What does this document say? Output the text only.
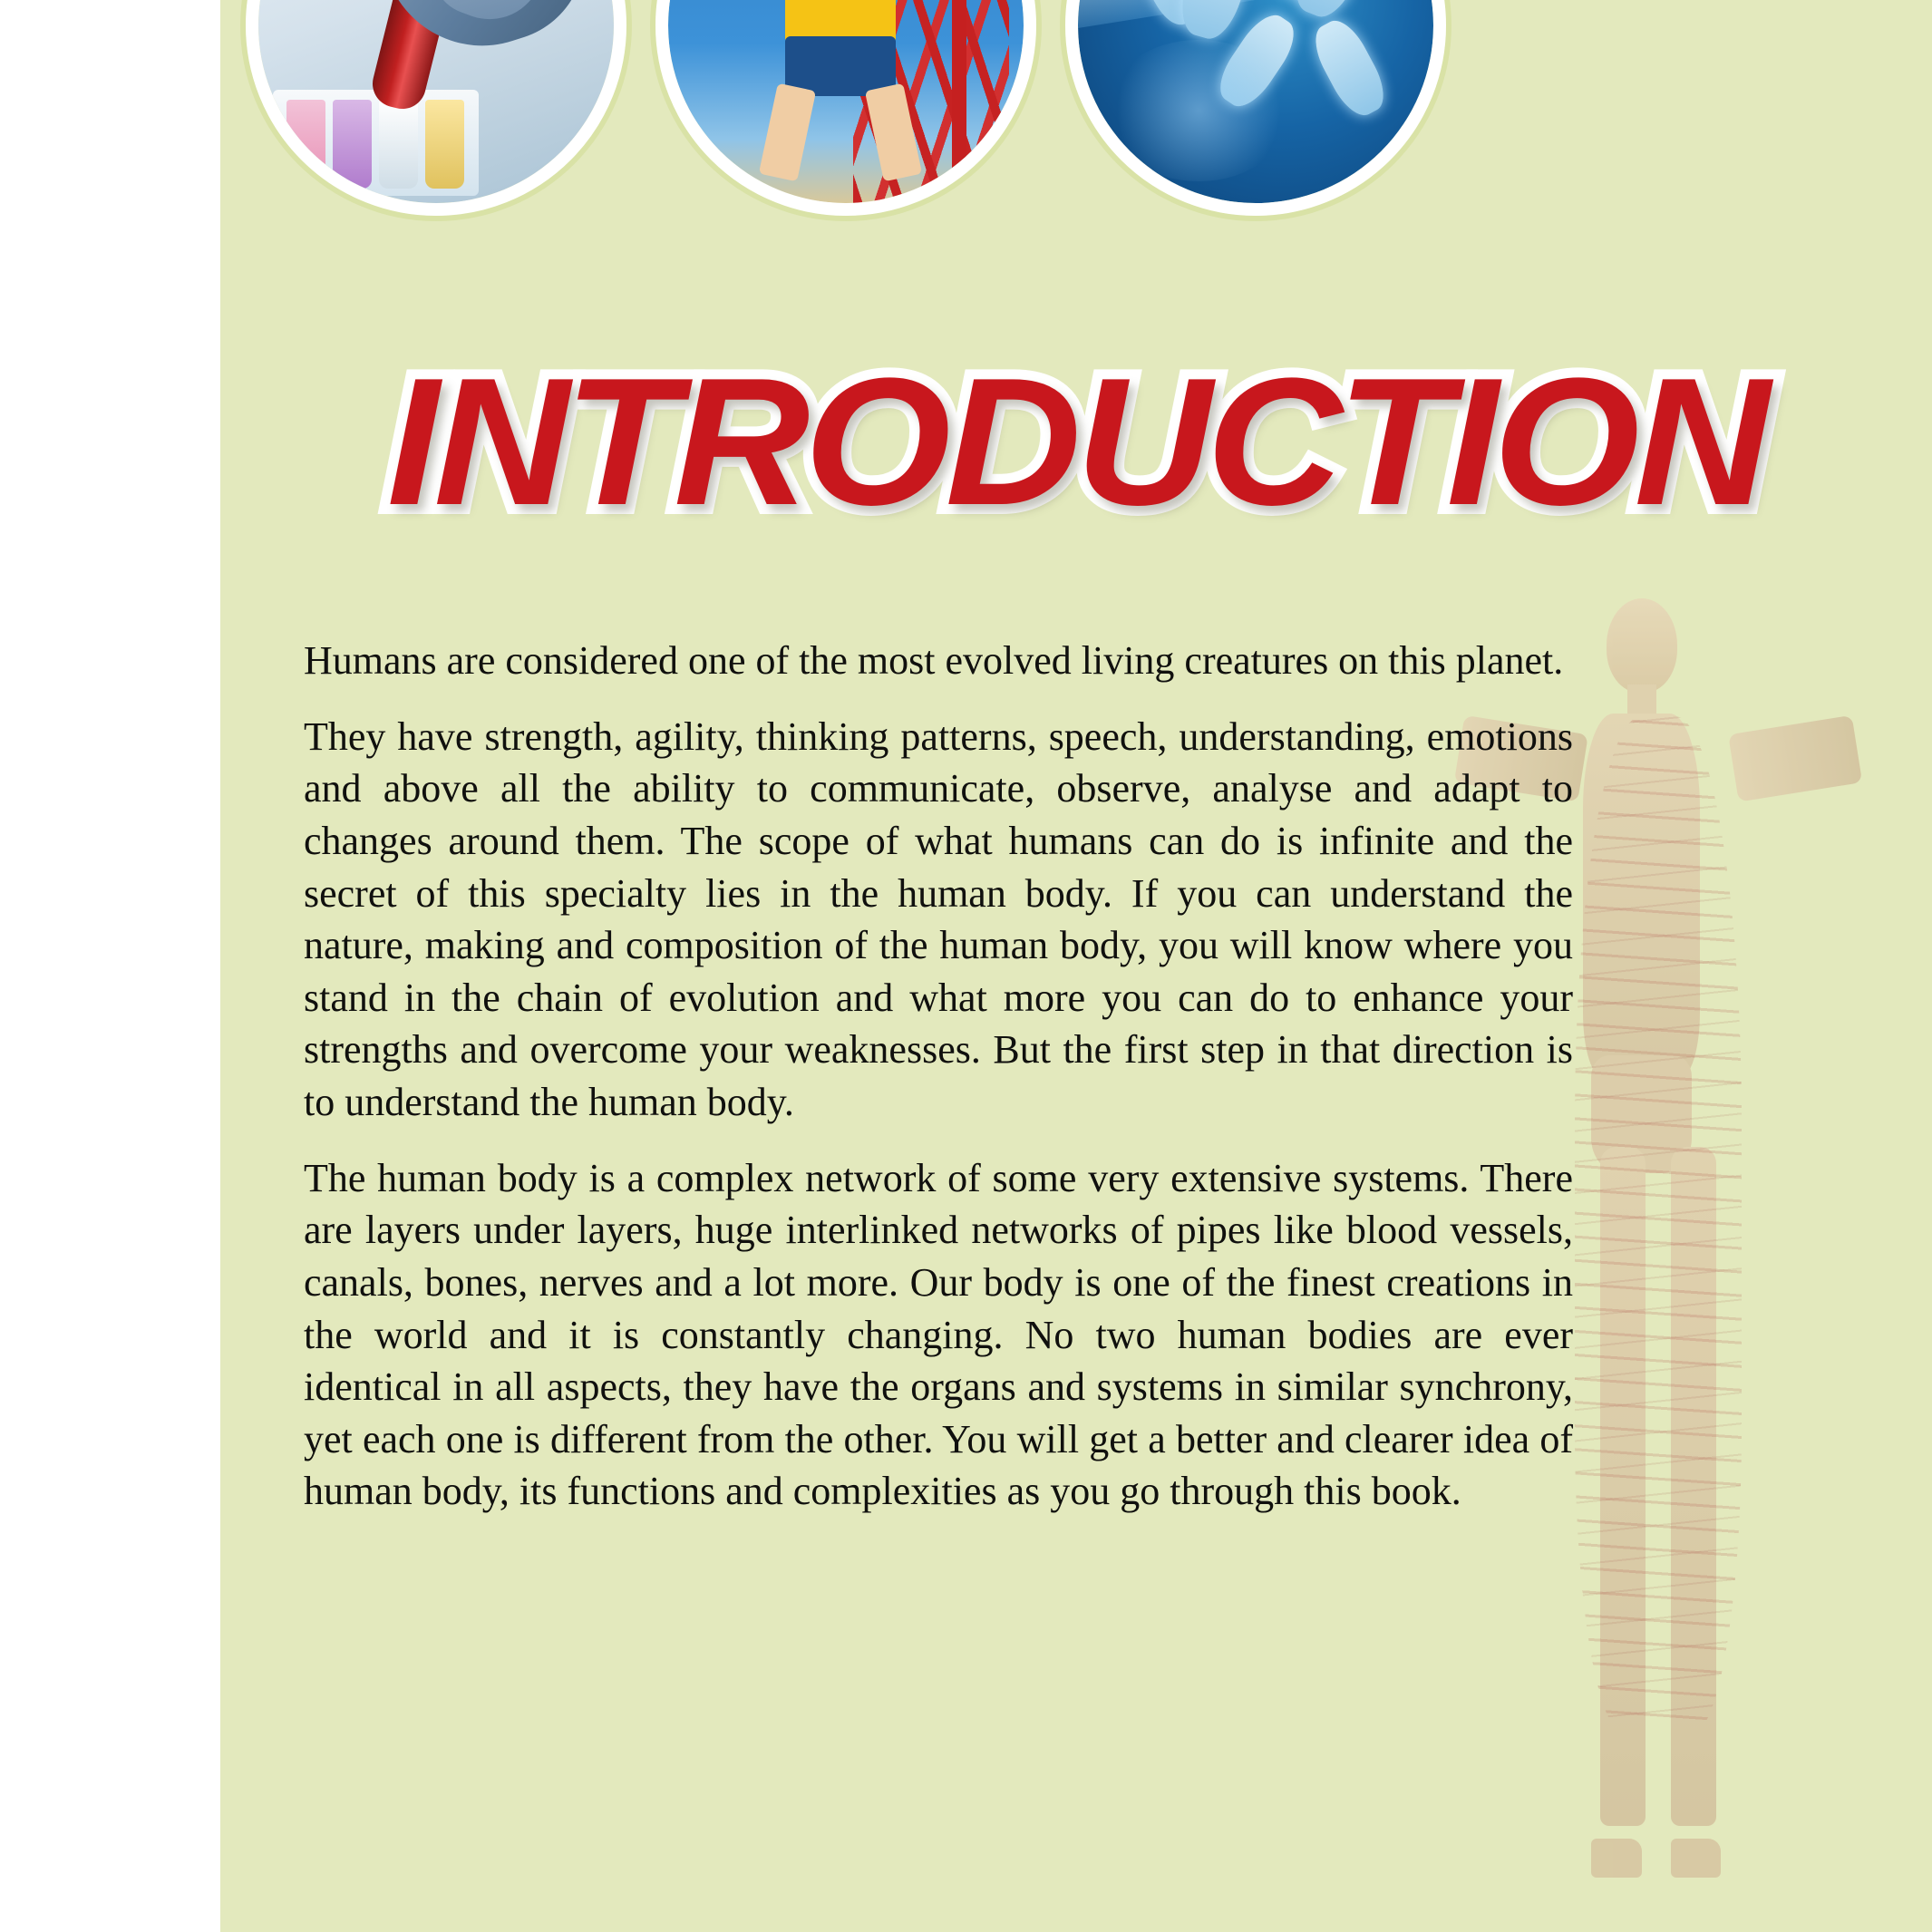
INTRODUCTION

Humans are considered one of the most evolved living creatures on this planet.

They have strength, agility, thinking patterns, speech, understanding, emotions and above all the ability to communicate, observe, analyse and adapt to changes around them. The scope of what humans can do is infinite and the secret of this specialty lies in the human body. If you can understand the nature, making and composition of the human body, you will know where you stand in the chain of evolution and what more you can do to enhance your strengths and overcome your weaknesses. But the first step in that direction is to understand the human body.

The human body is a complex network of some very extensive systems. There are layers under layers, huge interlinked networks of pipes like blood vessels, canals, bones, nerves and a lot more. Our body is one of the finest creations in the world and it is constantly changing. No two human bodies are ever identical in all aspects, they have the organs and systems in similar synchrony, yet each one is different from the other. You will get a better and clearer idea of human body, its functions and complexities as you go through this book.
